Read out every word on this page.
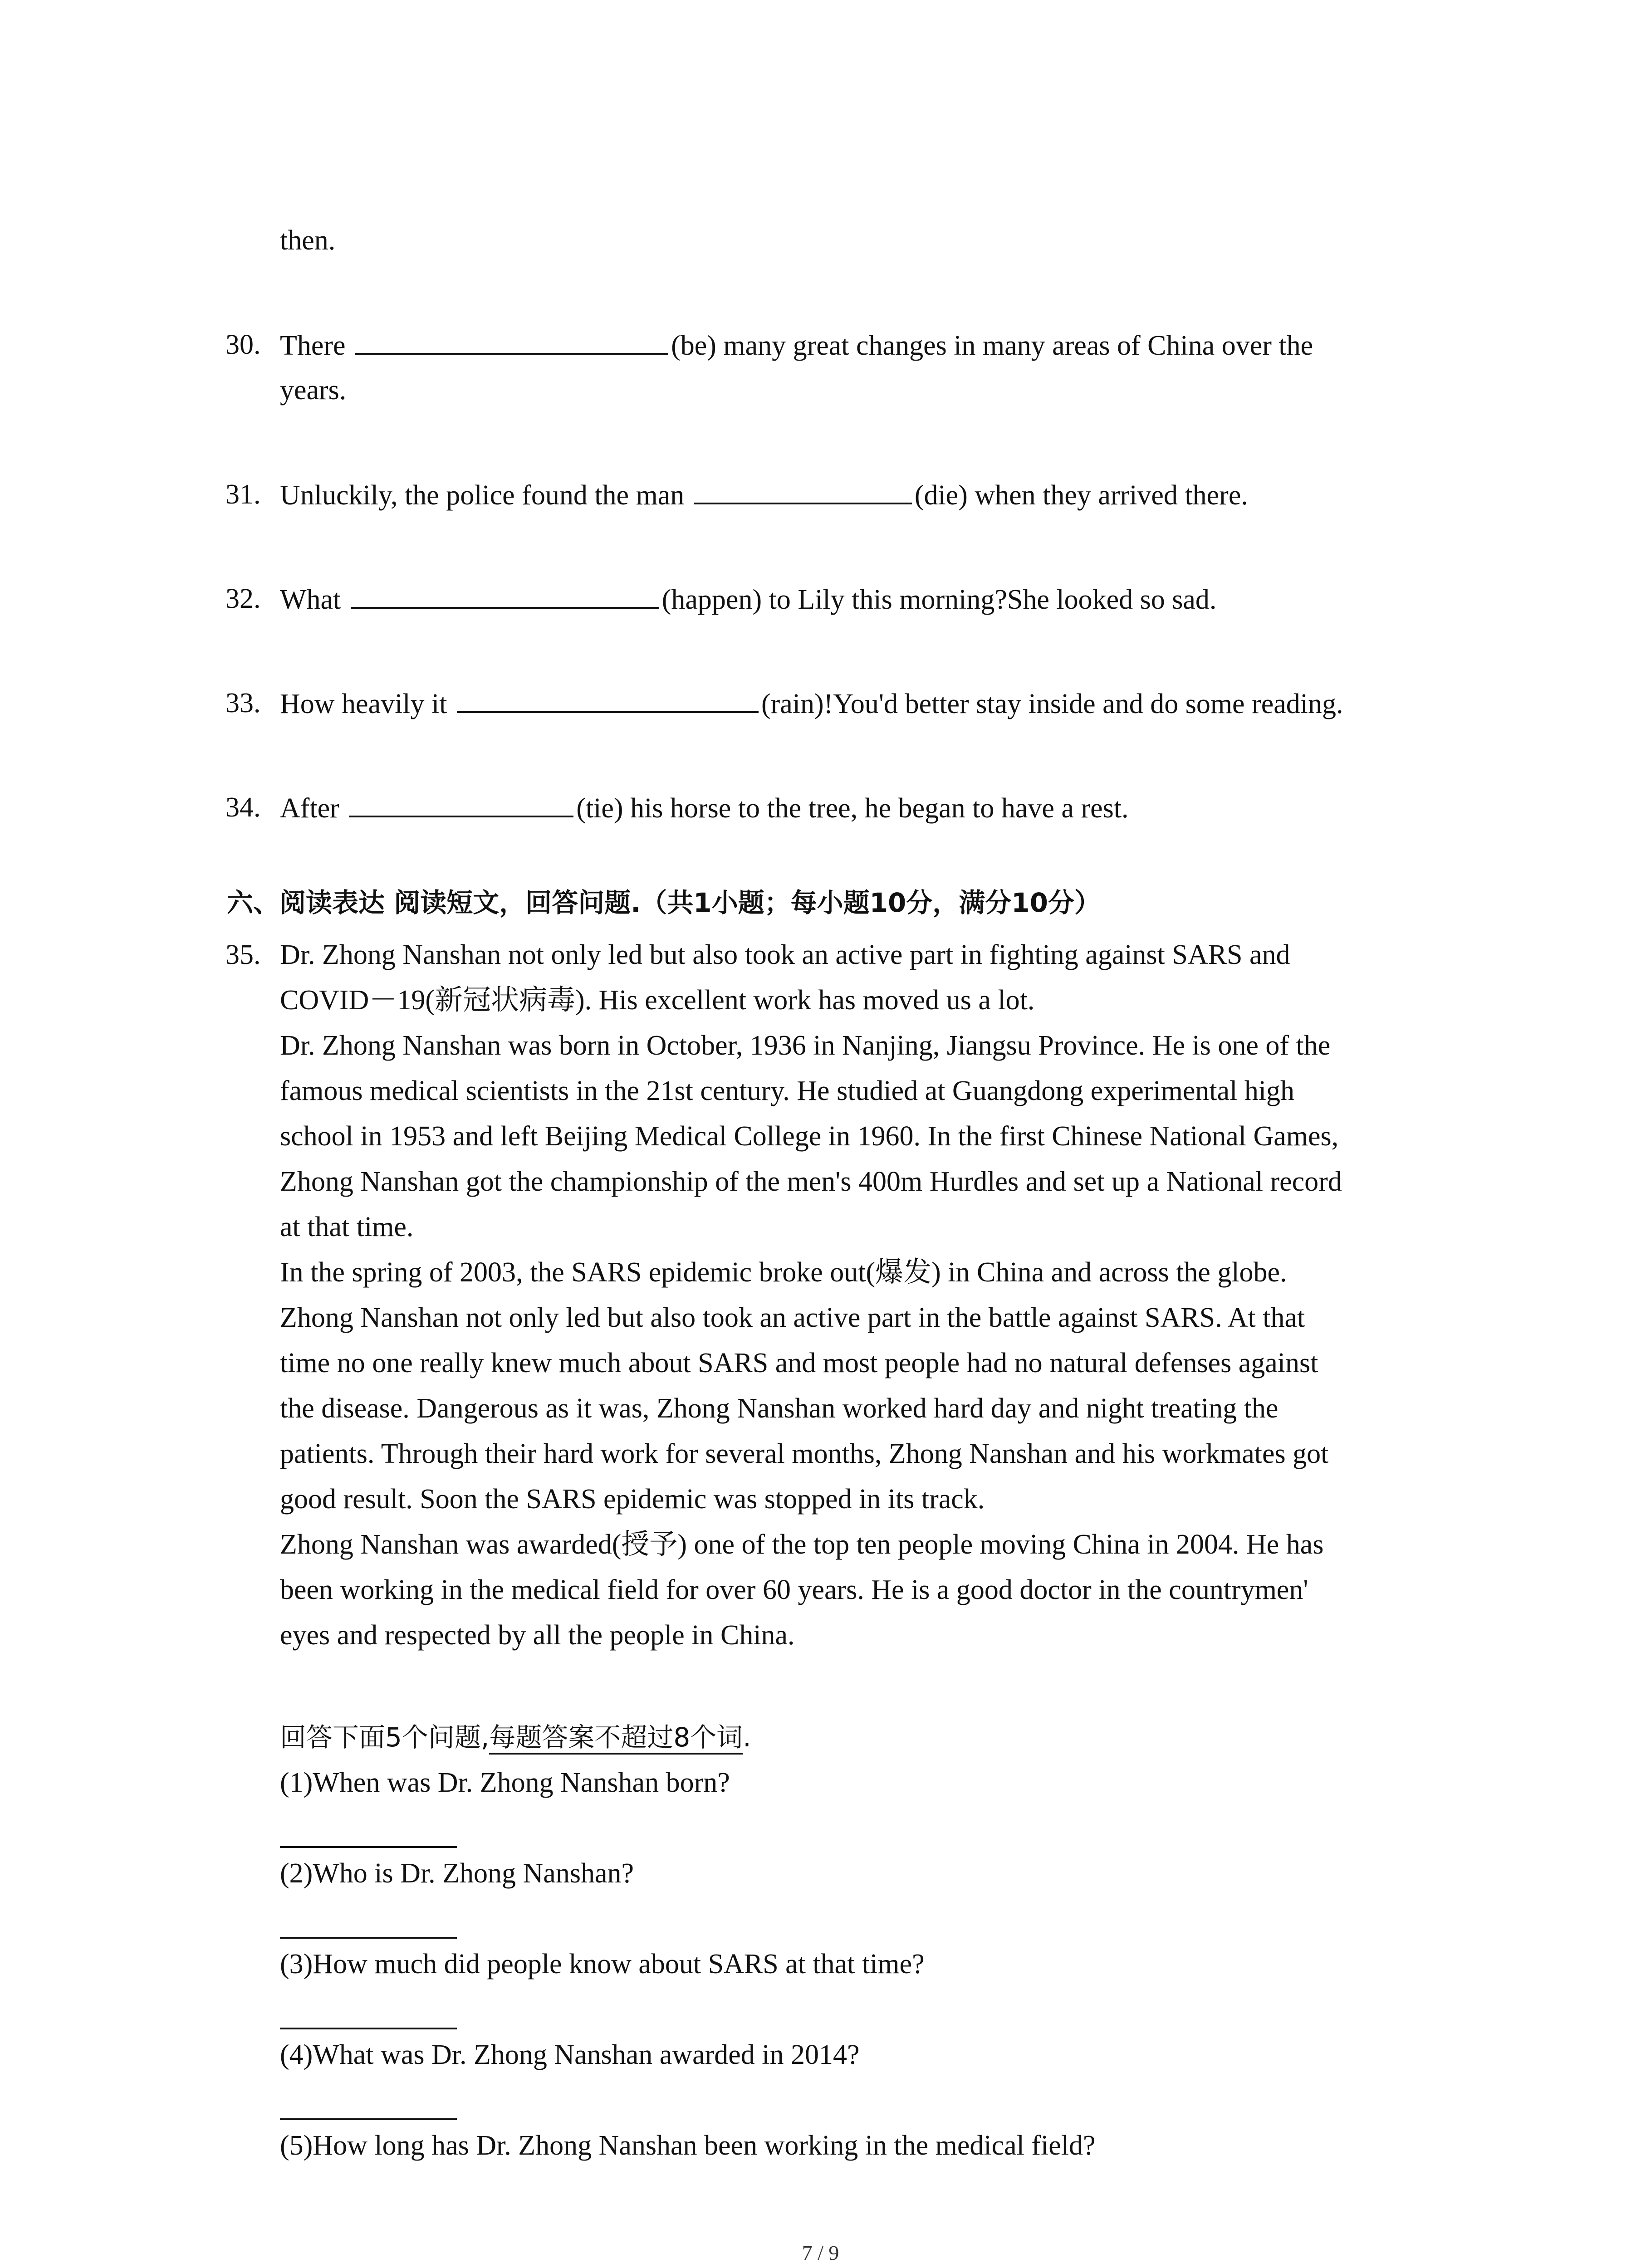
then.
30. There	(be) many great changes in many areas of China over the
years.
31. Unluckily, the police found the man	(die) when they arrived there.
32. What	(happen) to Lily this morning?She looked so sad.
33. How heavily it	(rain)!You'd better stay inside and do some reading.
34. After	(tie) his horse to the tree, he began to have a rest.
六、阅读表达 阅读短文，回答问题.（共1小题；每小题10分，满分10分）
35. Dr. Zhong Nanshan not only led but also took an active part in fighting against SARS and
COVID－19(新冠状病毒). His excellent work has moved us a lot.
Dr. Zhong Nanshan was born in October, 1936 in Nanjing, Jiangsu Province. He is one of the
famous medical scientists in the 21st century. He studied at Guangdong experimental high
school in 1953 and left Beijing Medical College in 1960. In the first Chinese National Games,
Zhong Nanshan got the championship of the men's 400m Hurdles and set up a National record
at that time.
In the spring of 2003, the SARS epidemic broke out(爆发) in China and across the globe.
Zhong Nanshan not only led but also took an active part in the battle against SARS. At that
time no one really knew much about SARS and most people had no natural defenses against
the disease. Dangerous as it was, Zhong Nanshan worked hard day and night treating the
patients. Through their hard work for several months, Zhong Nanshan and his workmates got
good result. Soon the SARS epidemic was stopped in its track.
Zhong Nanshan was awarded(授予) one of the top ten people moving China in 2004. He has
been working in the medical field for over 60 years. He is a good doctor in the countrymen'
eyes and respected by all the people in China.
回答下面5个问题,每题答案不超过8个词.
(1)When was Dr. Zhong Nanshan born?
(2)Who is Dr. Zhong Nanshan?
(3)How much did people know about SARS at that time?
(4)What was Dr. Zhong Nanshan awarded in 2014?
(5)How long has Dr. Zhong Nanshan been working in the medical field?
7 / 9
